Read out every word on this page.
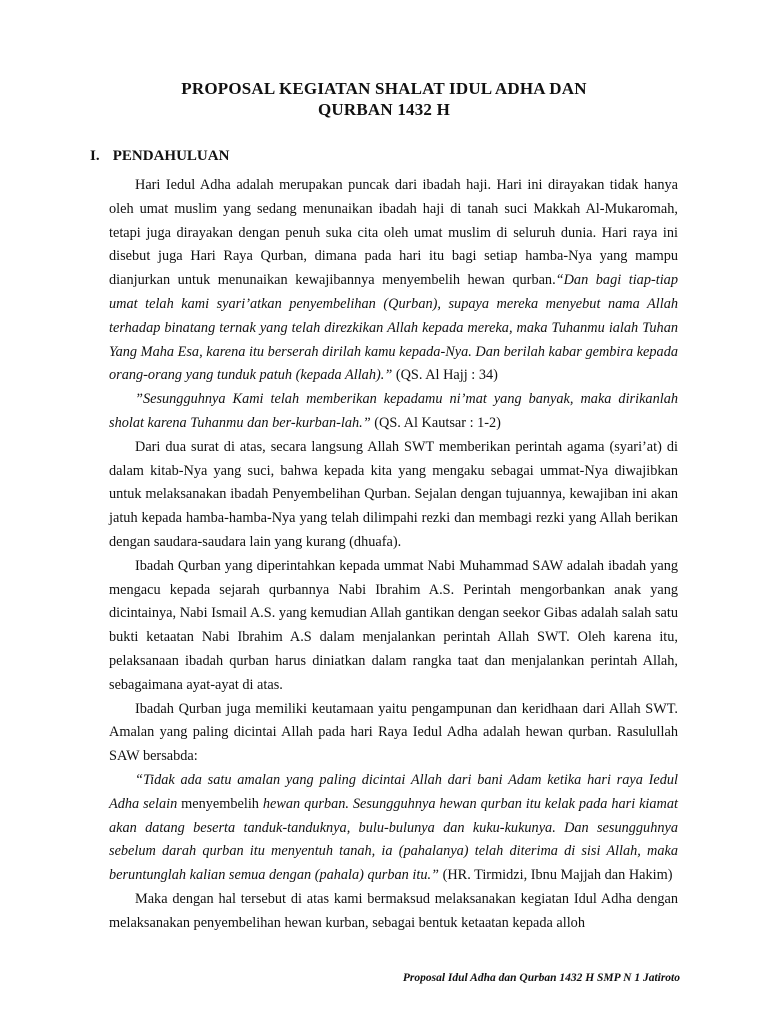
PROPOSAL KEGIATAN SHALAT IDUL ADHA DAN
QURBAN 1432 H
I. PENDAHULUAN

Hari Iedul Adha adalah merupakan puncak dari ibadah haji. Hari ini dirayakan tidak hanya oleh umat muslim yang sedang menunaikan ibadah haji di tanah suci Makkah Al-Mukaromah, tetapi juga dirayakan dengan penuh suka cita oleh umat muslim di seluruh dunia. Hari raya ini disebut juga Hari Raya Qurban, dimana pada hari itu bagi setiap hamba-Nya yang mampu dianjurkan untuk menunaikan kewajibannya menyembelih hewan qurban.“Dan bagi tiap-tiap umat telah kami syari’atkan penyembelihan (Qurban), supaya mereka menyebut nama Allah terhadap binatang ternak yang telah direzkikan Allah kepada mereka, maka Tuhanmu ialah Tuhan Yang Maha Esa, karena itu berserah dirilah kamu kepada-Nya. Dan berilah kabar gembira kepada orang-orang yang tunduk patuh (kepada Allah).” (QS. Al Hajj : 34)

”Sesungguhnya Kami telah memberikan kepadamu ni’mat yang banyak, maka dirikanlah sholat karena Tuhanmu dan ber-kurban-lah.” (QS. Al Kautsar : 1-2)

Dari dua surat di atas, secara langsung Allah SWT memberikan perintah agama (syari’at) di dalam kitab-Nya yang suci, bahwa kepada kita yang mengaku sebagai ummat-Nya diwajibkan untuk melaksanakan ibadah Penyembelihan Qurban. Sejalan dengan tujuannya, kewajiban ini akan jatuh kepada hamba-hamba-Nya yang telah dilimpahi rezki dan membagi rezki yang Allah berikan dengan saudara-saudara lain yang kurang (dhuafa).

Ibadah Qurban yang diperintahkan kepada ummat Nabi Muhammad SAW adalah ibadah yang mengacu kepada sejarah qurbannya Nabi Ibrahim A.S. Perintah mengorbankan anak yang dicintainya, Nabi Ismail A.S. yang kemudian Allah gantikan dengan seekor Gibas adalah salah satu bukti ketaatan Nabi Ibrahim A.S dalam menjalankan perintah Allah SWT. Oleh karena itu, pelaksanaan ibadah qurban harus diniatkan dalam rangka taat dan menjalankan perintah Allah, sebagaimana ayat-ayat di atas.

Ibadah Qurban juga memiliki keutamaan yaitu pengampunan dan keridhaan dari Allah SWT. Amalan yang paling dicintai Allah pada hari Raya Iedul Adha adalah hewan qurban. Rasulullah SAW bersabda:

“Tidak ada satu amalan yang paling dicintai Allah dari bani Adam ketika hari raya Iedul Adha selain menyembelih hewan qurban. Sesungguhnya hewan qurban itu kelak pada hari kiamat akan datang beserta tanduk-tanduknya, bulu-bulunya dan kuku-kukunya. Dan sesungguhnya sebelum darah qurban itu menyentuh tanah, ia (pahalanya) telah diterima di sisi Allah, maka beruntunglah kalian semua dengan (pahala) qurban itu.” (HR. Tirmidzi, Ibnu Majjah dan Hakim)

Maka dengan hal tersebut di atas kami bermaksud melaksanakan kegiatan Idul Adha dengan melaksanakan penyembelihan hewan kurban, sebagai bentuk ketaatan kepada alloh

Proposal Idul Adha dan Qurban 1432 H SMP N 1 Jatiroto
